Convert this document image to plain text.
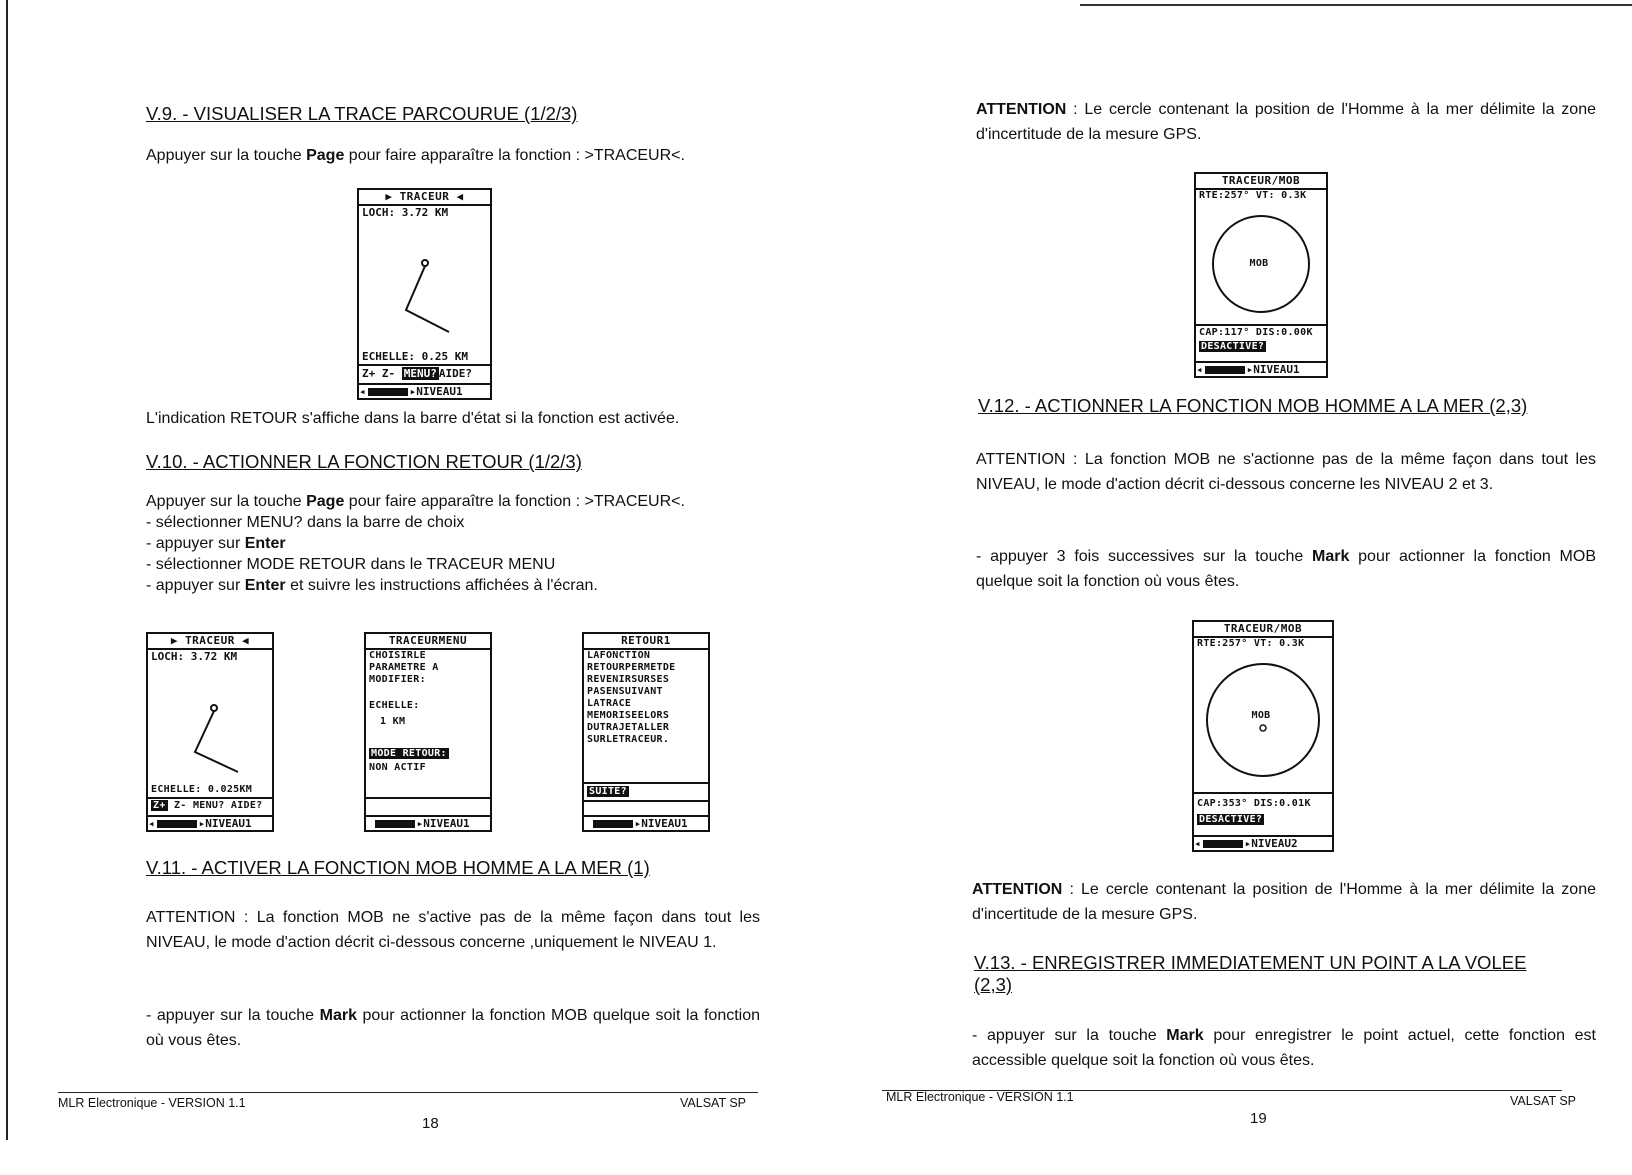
V.9. - VISUALISER LA TRACE PARCOURUE (1/2/3)

Appuyer sur la touche Page pour faire apparaître la fonction : >TRACEUR<.

▶ TRACEUR ◀
LOCH: 3.72 KM
ECHELLE: 0.25 KM
Z+ Z- MENU? AIDE?
◂	▸NIVEAU1

L'indication RETOUR s'affiche dans la barre d'état si la fonction est activée.

V.10. - ACTIONNER LA FONCTION RETOUR (1/2/3)

Appuyer sur la touche Page pour faire apparaître la fonction : >TRACEUR<.
- sélectionner MENU? dans la barre de choix
- appuyer sur Enter
- sélectionner MODE RETOUR dans le TRACEUR MENU
- appuyer sur Enter et suivre les instructions affichées à l'écran.

▶ TRACEUR ◀
LOCH: 3.72 KM
ECHELLE: 0.025KM
Z+ Z- MENU? AIDE?
◂	▸NIVEAU1
TRACEURMENU
CHOISIRLE
PARAMETRE A
MODIFIER:
ECHELLE:
1 KM
MODE RETOUR:
NON ACTIF
▸NIVEAU1
RETOUR1
LAFONCTION
RETOURPERMETDE
REVENIRSURSES
PASENSUIVANT
LATRACE
MEMORISEELORS
DUTRAJETALLER
SURLETRACEUR.
SUITE?
▸NIVEAU1
V.11. - ACTIVER LA FONCTION MOB HOMME A LA MER (1)

ATTENTION : La fonction MOB ne s'active pas de la même façon dans tout les NIVEAU, le mode d'action décrit ci-dessous concerne ,uniquement le NIVEAU 1.

- appuyer sur la touche Mark pour actionner la fonction MOB quelque soit la fonction où vous êtes.

MLR Electronique - VERSION 1.1	VALSAT SP
18

ATTENTION : Le cercle contenant la position de l'Homme à la mer délimite la zone d'incertitude de la mesure GPS.

TRACEUR/MOB
RTE:257° VT: 0.3K
MOB
CAP:117° DIS:0.00K
DESACTIVE?
◂	▸NIVEAU1
V.12. - ACTIONNER LA FONCTION MOB HOMME A LA MER (2,3)

ATTENTION : La fonction MOB ne s'actionne pas de la même façon dans tout les NIVEAU, le mode d'action décrit ci-dessous concerne les NIVEAU 2 et 3.

- appuyer 3 fois successives sur la touche Mark pour actionner la fonction MOB quelque soit la fonction où vous êtes.

TRACEUR/MOB
RTE:257° VT: 0.3K
MOB
CAP:353° DIS:0.01K
DESACTIVE?
◂	▸NIVEAU2

ATTENTION : Le cercle contenant la position de l'Homme à la mer délimite la zone d'incertitude de la mesure GPS.

V.13. - ENREGISTRER IMMEDIATEMENT UN POINT A LA VOLEE
(2,3)

- appuyer sur la touche Mark pour enregistrer le point actuel, cette fonction est accessible quelque soit la fonction où vous êtes.

MLR Electronique - VERSION 1.1	VALSAT SP
19
